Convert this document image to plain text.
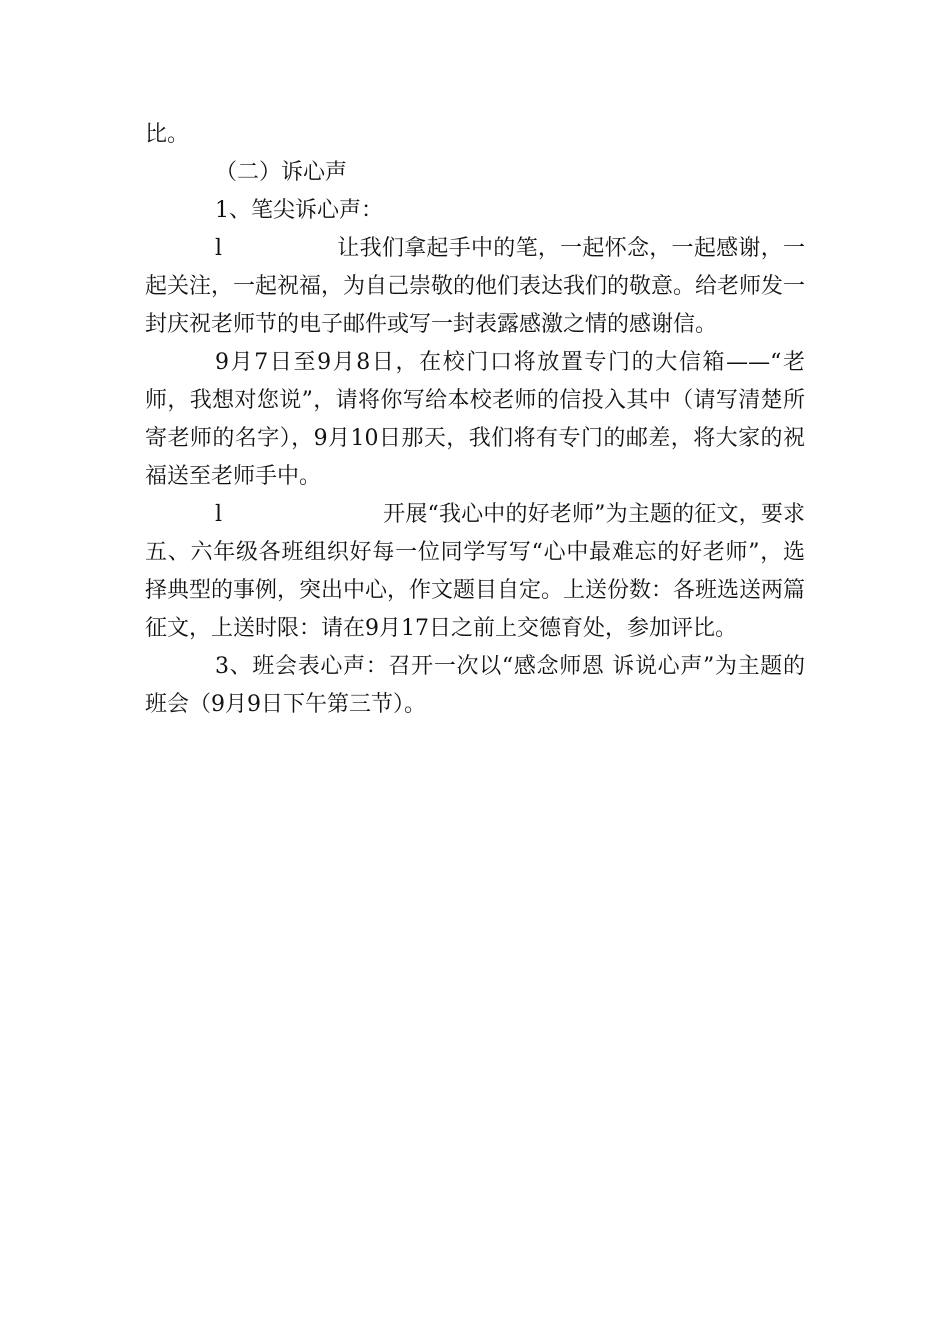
比。

（二）诉心声

1、笔尖诉心声：

l	让我们拿起手中的笔，一起怀念，一起感谢，一起关注，一起祝福，为自己崇敬的他们表达我们的敬意。给老师发一封庆祝老师节的电子邮件或写一封表露感激之情的感谢信。

9月7日至9月8日，在校门口将放置专门的大信箱——“老师，我想对您说”，请将你写给本校老师的信投入其中（请写清楚所寄老师的名字），9月10日那天，我们将有专门的邮差，将大家的祝福送至老师手中。

l	开展“我心中的好老师”为主题的征文，要求五、六年级各班组织好每一位同学写写“心中最难忘的好老师”，选择典型的事例，突出中心，作文题目自定。上送份数：各班选送两篇征文，上送时限：请在9月17日之前上交德育处，参加评比。

3、班会表心声：召开一次以“感念师恩 诉说心声”为主题的班会（9月9日下午第三节）。
